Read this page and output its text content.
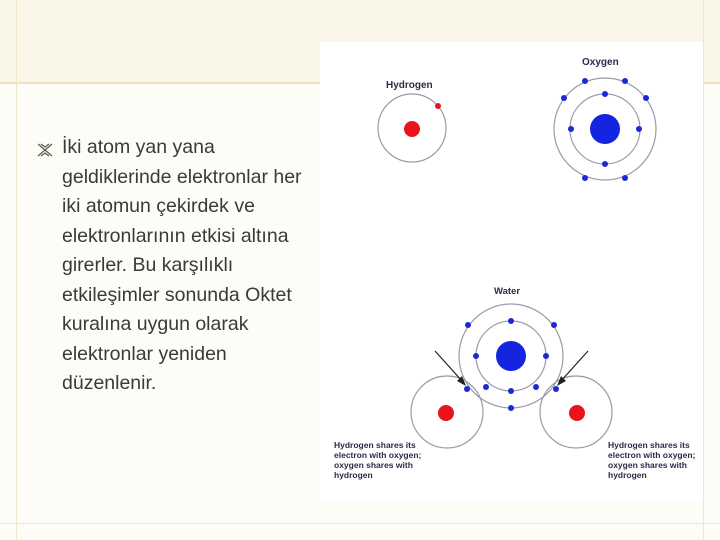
İki atom yan yana geldiklerinde elektronlar her iki atomun çekirdek ve elektronlarının etkisi altına girerler. Bu karşılıklı etkileşimler sonunda Oktet kuralına uygun olarak elektronlar yeniden düzenlenir.

Hydrogen
Oxygen
Water
Hydrogen shares its
electron with oxygen;
oxygen shares with
hydrogen
Hydrogen shares its
electron with oxygen;
oxygen shares with
hydrogen
